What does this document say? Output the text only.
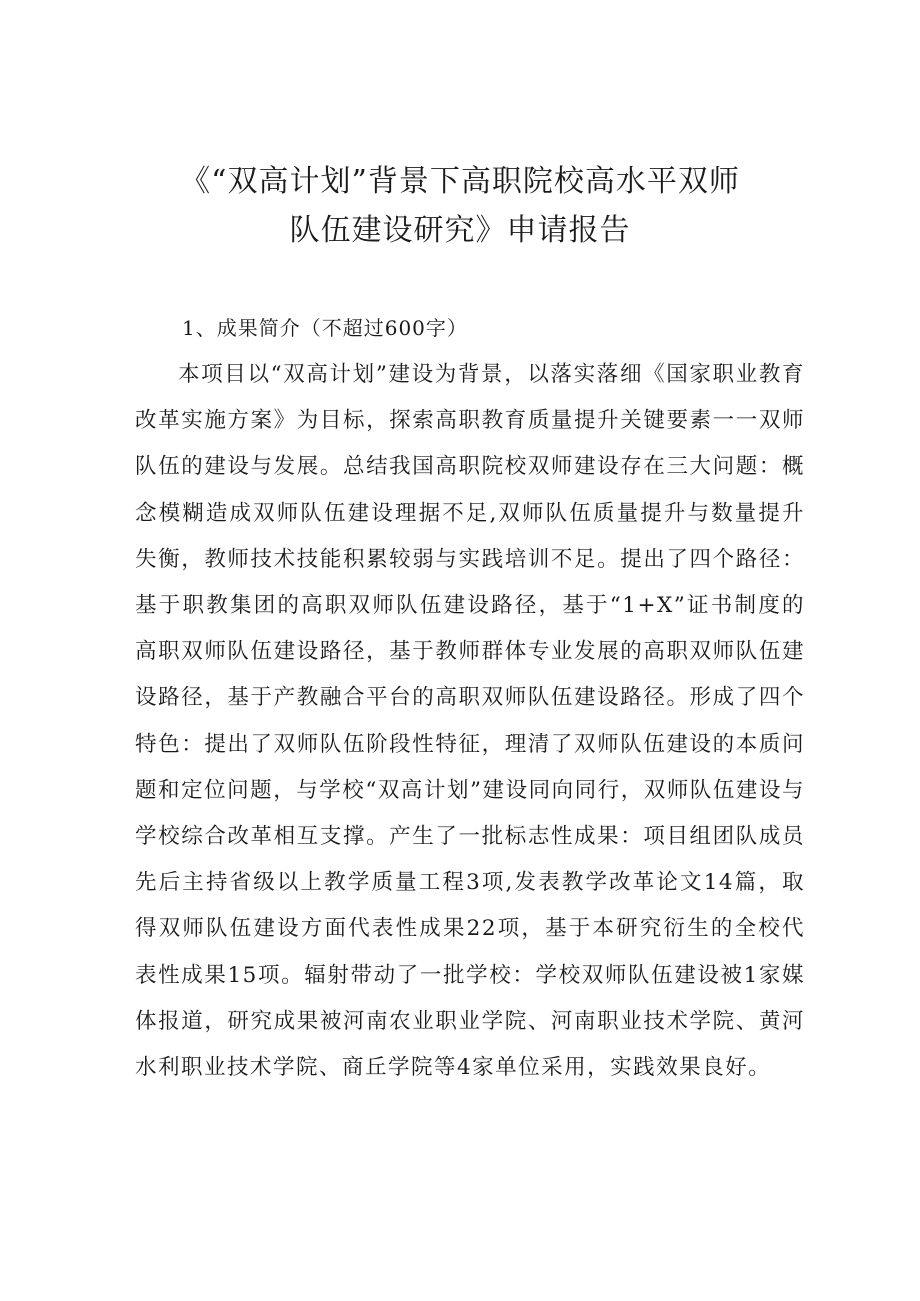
《“双高计划”背景下高职院校高水平双师
队伍建设研究》申请报告
1、成果简介（不超过600字）

本项目以“双高计划”建设为背景，以落实落细《国家职业教育改革实施方案》为目标，探索高职教育质量提升关键要素一一双师队伍的建设与发展。总结我国高职院校双师建设存在三大问题：概念模糊造成双师队伍建设理据不足,双师队伍质量提升与数量提升失衡，教师技术技能积累较弱与实践培训不足。提出了四个路径：基于职教集团的高职双师队伍建设路径，基于“1+X”证书制度的高职双师队伍建设路径，基于教师群体专业发展的高职双师队伍建设路径，基于产教融合平台的高职双师队伍建设路径。形成了四个特色：提出了双师队伍阶段性特征，理清了双师队伍建设的本质问题和定位问题，与学校“双高计划”建设同向同行，双师队伍建设与学校综合改革相互支撑。产生了一批标志性成果：项目组团队成员先后主持省级以上教学质量工程3项,发表教学改革论文14篇，取得双师队伍建设方面代表性成果22项，基于本研究衍生的全校代表性成果15项。辐射带动了一批学校：学校双师队伍建设被1家媒体报道，研究成果被河南农业职业学院、河南职业技术学院、黄河水利职业技术学院、商丘学院等4家单位采用，实践效果良好。
